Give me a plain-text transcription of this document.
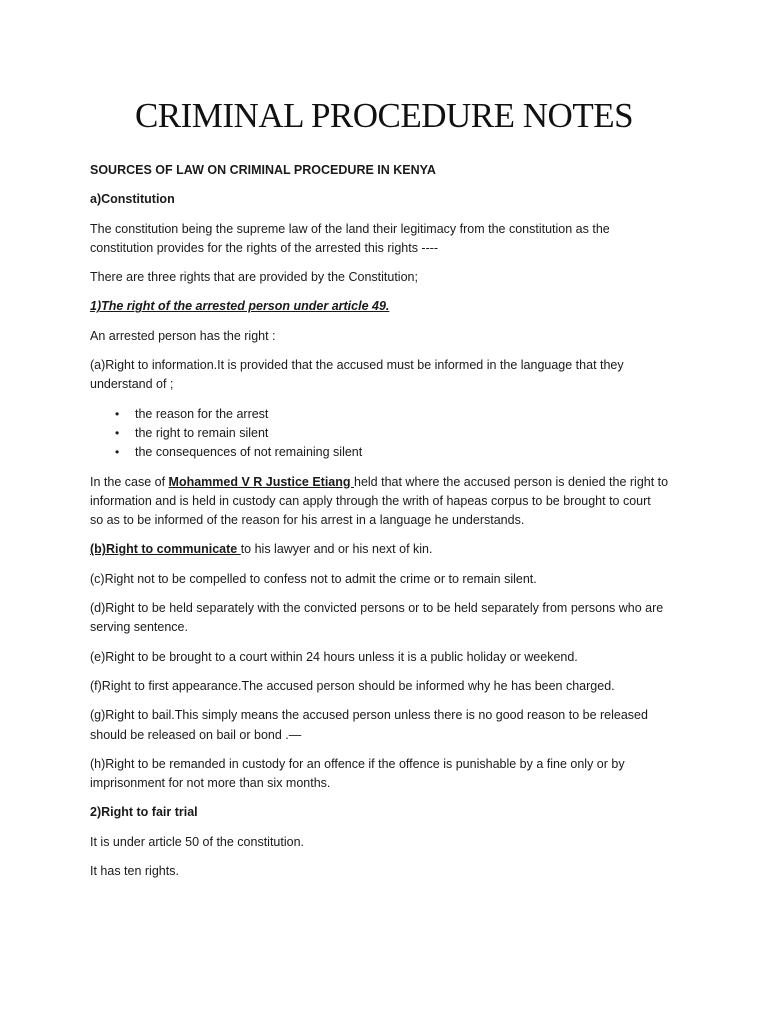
CRIMINAL PROCEDURE NOTES

SOURCES OF LAW ON CRIMINAL PROCEDURE IN KENYA

a)Constitution

The constitution being the supreme law of the land their legitimacy from the constitution as the
constitution provides for the rights of the arrested this rights ----

There are three rights that are provided by the Constitution;

1)The right of the arrested person under article 49.

An arrested person has the right :

(a)Right to information.It is provided that the accused must be informed in the language that they
understand of ;

• the reason for the arrest
• the right to remain silent
• the consequences of not remaining silent

In the case of Mohammed V R Justice Etiang held that where the accused person is denied the right to
information and is held in custody can apply through the writh of hapeas corpus to be brought to court
so as to be informed of the reason for his arrest in a language he understands.

(b)Right to communicate to his lawyer and or his next of kin.

(c)Right not to be compelled to confess not to admit the crime or to remain silent.

(d)Right to be held separately with the convicted persons or to be held separately from persons who are
serving sentence.

(e)Right to be brought to a court within 24 hours unless it is a public holiday or weekend.

(f)Right to first appearance.The accused person should be informed why he has been charged.

(g)Right to bail.This simply means the accused person unless there is no good reason to be released
should be released on bail or bond .—

(h)Right to be remanded in custody for an offence if the offence is punishable by a fine only or by
imprisonment for not more than six months.

2)Right to fair trial

It is under article 50 of the constitution.

It has ten rights.
